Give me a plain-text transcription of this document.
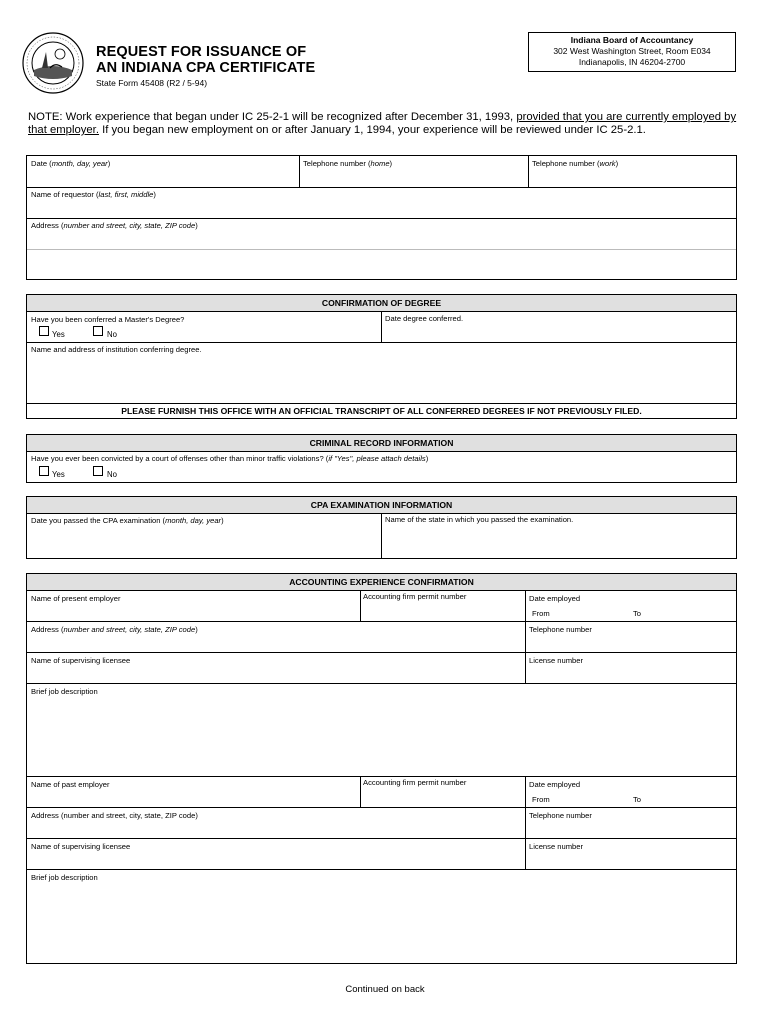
REQUEST FOR ISSUANCE OF
AN INDIANA CPA CERTIFICATE
State Form 45408 (R2 / 5-94)
Indiana Board of Accountancy
302 West Washington Street, Room E034
Indianapolis, IN 46204-2700
NOTE: Work experience that began under IC 25-2-1 will be recognized after December 31, 1993, provided that you are currently employed by that employer. If you began new employment on or after January 1, 1994, your experience will be reviewed under IC 25-2.1.
Date (month, day, year)	Telephone number (home)	Telephone number (work)
Name of requestor (last, first, middle)
Address (number and street, city, state, ZIP code)
CONFIRMATION OF DEGREE
Have you been conferred a Master's Degree?
Yes	No
Date degree conferred.
Name and address of institution conferring degree.
PLEASE FURNISH THIS OFFICE WITH AN OFFICIAL TRANSCRIPT OF ALL CONFERRED DEGREES IF NOT PREVIOUSLY FILED.
CRIMINAL RECORD INFORMATION
Have you ever been convicted by a court of offenses other than minor traffic violations? (if "Yes", please attach details)
Yes	No
CPA EXAMINATION INFORMATION
Date you passed the CPA examination (month, day, year)	Name of the state in which you passed the examination.
ACCOUNTING EXPERIENCE CONFIRMATION
Name of present employer	Accounting firm permit number	Date employed
From	To
Address (number and street, city, state, ZIP code)	Telephone number
Name of supervising licensee	License number
Brief job description
Name of past employer	Accounting firm permit number	Date employed
From	To
Address (number and street, city, state, ZIP code)	Telephone number
Name of supervising licensee	License number
Brief job description
Continued on back
